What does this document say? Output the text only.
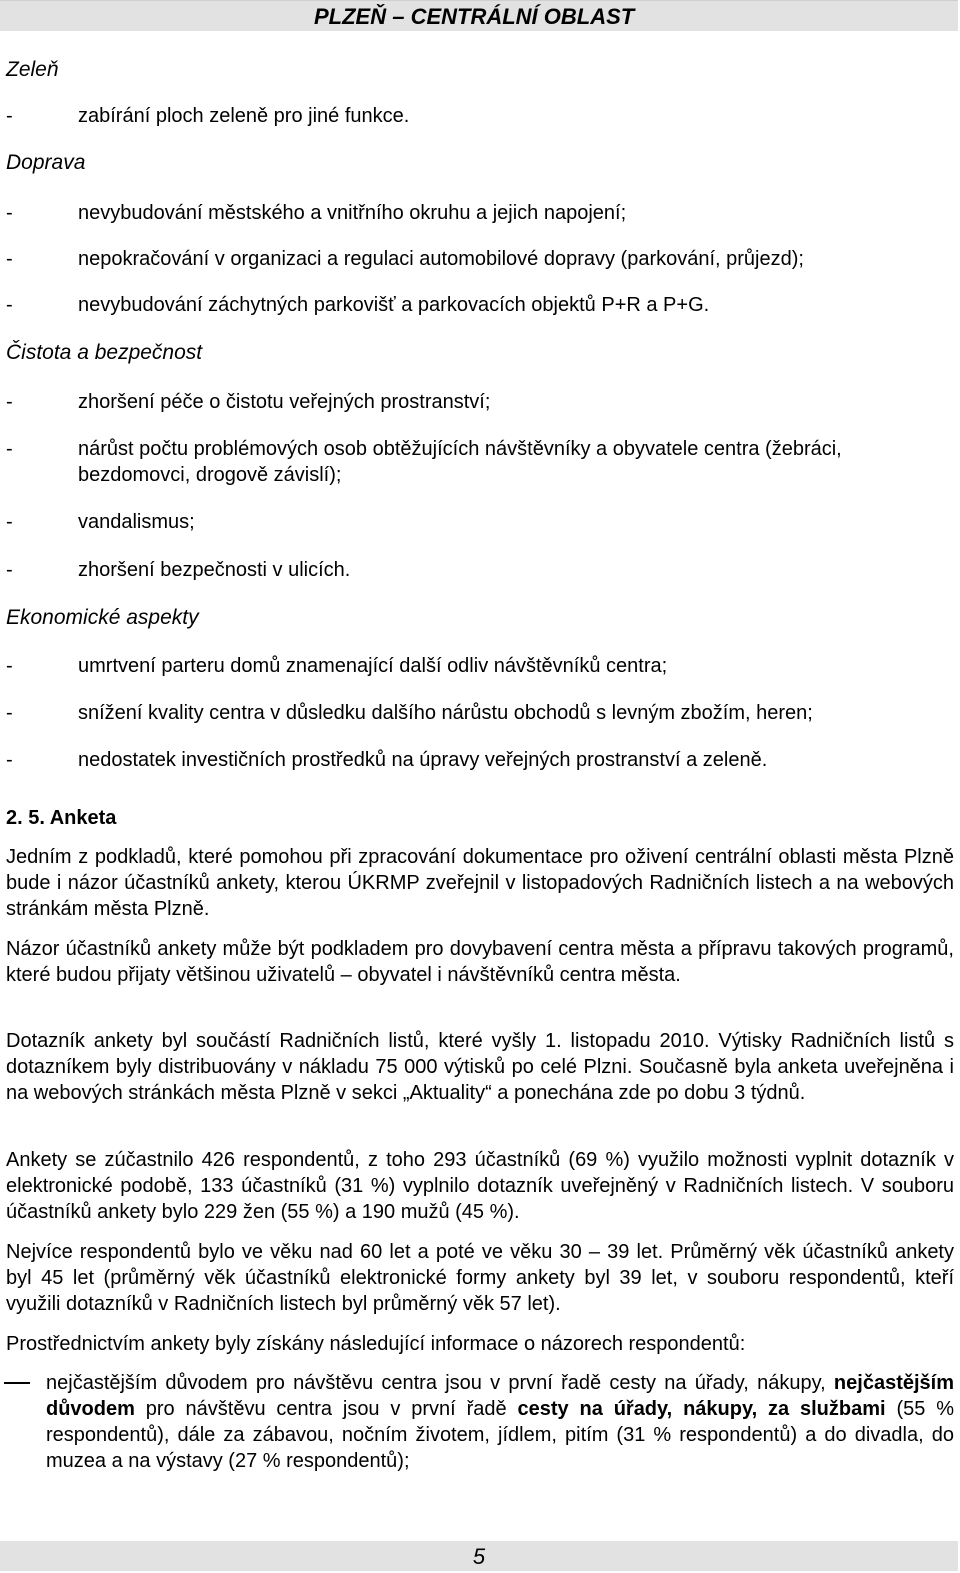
PLZEŇ – CENTRÁLNÍ OBLAST
Zeleň
-	zabírání ploch zeleně pro jiné funkce.
Doprava
-	nevybudování městského a vnitřního okruhu a jejich napojení;
-	nepokračování v organizaci a regulaci automobilové dopravy (parkování, průjezd);
-	nevybudování záchytných parkovišť a parkovacích objektů P+R a P+G.
Čistota a bezpečnost
-	zhoršení péče o čistotu veřejných prostranství;
-	nárůst počtu problémových osob obtěžujících návštěvníky a obyvatele centra (žebráci, bezdomovci, drogově závislí);
-	vandalismus;
-	zhoršení bezpečnosti v ulicích.
Ekonomické aspekty
-	umrtvení parteru domů znamenající další odliv návštěvníků centra;
-	snížení kvality centra v důsledku dalšího nárůstu obchodů s levným zbožím, heren;
-	nedostatek investičních prostředků na úpravy veřejných prostranství a zeleně.
2. 5. Anketa
Jedním z podkladů, které pomohou při zpracování dokumentace pro oživení centrální oblasti města Plzně bude i názor účastníků ankety, kterou ÚKRMP zveřejnil v listopadových Radničních listech a na webových stránkám města Plzně.
Názor účastníků ankety může být podkladem pro dovybavení centra města a přípravu takových programů, které budou přijaty většinou uživatelů – obyvatel i návštěvníků centra města.
Dotazník ankety byl součástí Radničních listů, které vyšly 1. listopadu 2010. Výtisky Radničních listů s dotazníkem byly distribuovány v nákladu 75 000 výtisků po celé Plzni. Současně byla anketa uveřejněna i na webových stránkách města Plzně v sekci „Aktuality“ a ponechána zde po dobu 3 týdnů.
Ankety se zúčastnilo 426 respondentů, z toho 293 účastníků (69 %) využilo možnosti vyplnit dotazník v elektronické podobě, 133 účastníků (31 %) vyplnilo dotazník uveřejněný v Radničních listech. V souboru účastníků ankety bylo 229 žen (55 %) a 190 mužů (45 %).
Nejvíce respondentů bylo ve věku nad 60 let a poté ve věku 30 – 39 let. Průměrný věk účastníků ankety byl 45 let (průměrný věk účastníků elektronické formy ankety byl 39 let, v souboru respondentů, kteří využili dotazníků v Radničních listech byl průměrný věk 57 let).
Prostřednictvím ankety byly získány následující informace o názorech respondentů:
nejčastějším důvodem pro návštěvu centra jsou v první řadě cesty na úřady, nákupy, nejčastějším důvodem pro návštěvu centra jsou v první řadě cesty na úřady, nákupy, za službami (55 % respondentů), dále za zábavou, nočním životem, jídlem, pitím (31 % respondentů) a do divadla, do muzea a na výstavy (27 % respondentů);
5
